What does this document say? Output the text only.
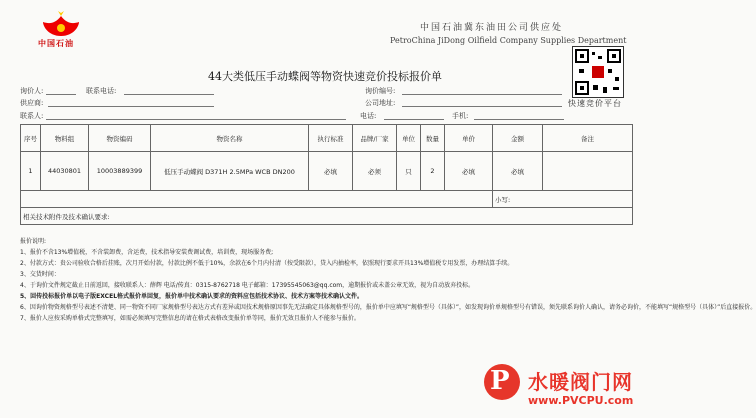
中国石油
中国石油冀东油田公司供应处
PetroChina JiDong Oilfield Company Supplies Department
快速竞价平台
44大类低压手动蝶阀等物资快速竞价投标报价单
询价人:	联系电话:	询价编号:
供应商:	公司地址:
联系人:	电话:	手机:
序号	物料组	物资编码	物资名称	执行标准	品牌/厂家	单位	数量	单价	金额	备注
1	44030801	10003889399	低压手动蝶阀 D371H 2.5MPa WCB DN200	必填	必须	只	2	必填	必填	
									小写:	
相关技术附件及技术确认要求:										
报价说明:
1、报价不含13%增值税，不含装卸费，含运费，技术指导安装费调试费，培训费，现场服务费;
2、付款方式：贵公司验收合格后挂账，次月开始付款，付款比例不低于10%，余款在6个月内付清（按受限款），贷入内抽检率，依照现行要求开具13%增值税专用发票，办理结算手续。
3、交货时间：
4、于询价文件规定截止日前返回，接收联系人：薛辉 电话/传真：0315-8762718 电子邮箱：17395545063@qq.com，逾期报价或未盖公章无效，视为自动放弃投标。
5、回传投标报价单以电子版EXCEL格式报价单回复，报价单中技术确认要求的资料应包括技术协议、技术方案等技术确认文件。
6、因询价物资规格型号表述不清楚、同一物资不同厂家规格型号表达方式有差异或因技术规格原因事先无法确定具体规格型号的，报价单中应填写“规格型号（具体）”，如发现询价单规格型号有错误，须先联系询价人确认，请务必询价，不能填写“规格型号（具体）”后直接报价。
7、报价人应按采购单格式完整填写，如需必须填写完整信息的请在格式表格改变报价单等同，报价无效且报价人不能参与报价。
P 水暖阀门网
www.PVCPU.com
